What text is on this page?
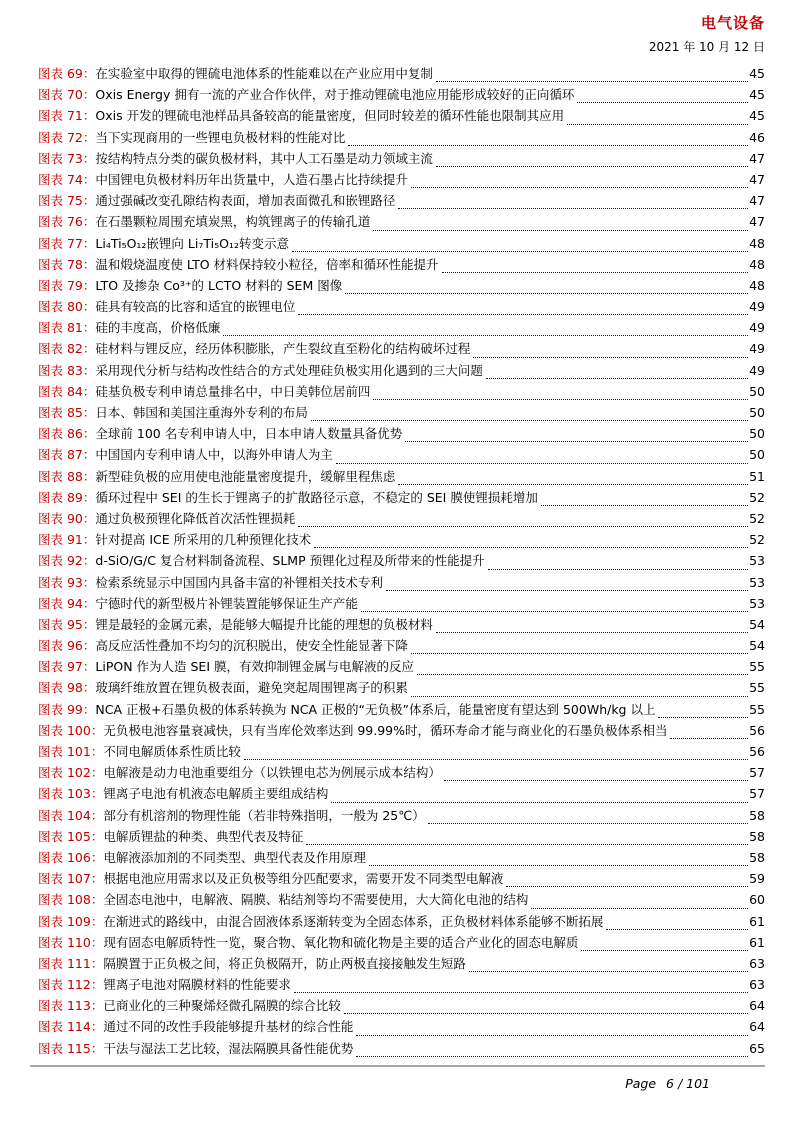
电气设备
2021 年 10 月 12 日
图表 69： 在实验室中取得的锂硫电池体系的性能难以在产业应用中复制	45
图表 70： Oxis Energy 拥有一流的产业合作伙伴，对于推动锂硫电池应用能形成较好的正向循环	45
图表 71： Oxis 开发的锂硫电池样品具备较高的能量密度，但同时较差的循环性能也限制其应用	45
图表 72： 当下实现商用的一些锂电负极材料的性能对比	46
图表 73： 按结构特点分类的碳负极材料，其中人工石墨是动力领域主流	47
图表 74： 中国锂电负极材料历年出货量中，人造石墨占比持续提升	47
图表 75： 通过强碱改变孔隙结构表面，增加表面微孔和嵌锂路径	47
图表 76： 在石墨颗粒周围充填炭黑，构筑锂离子的传输孔道	47
图表 77： Li₄Ti₅O₁₂嵌锂向 Li₇Ti₅O₁₂转变示意	48
图表 78： 温和煅烧温度使 LTO 材料保持较小粒径，倍率和循环性能提升	48
图表 79： LTO 及掺杂 Co³⁺的 LCTO 材料的 SEM 图像	48
图表 80： 硅具有较高的比容和适宜的嵌锂电位	49
图表 81： 硅的丰度高，价格低廉	49
图表 82： 硅材料与锂反应，经历体积膨胀，产生裂纹直至粉化的结构破坏过程	49
图表 83： 采用现代分析与结构改性结合的方式处理硅负极实用化遇到的三大问题	49
图表 84： 硅基负极专利申请总量排名中，中日美韩位居前四	50
图表 85： 日本、韩国和美国注重海外专利的布局	50
图表 86： 全球前 100 名专利申请人中，日本申请人数量具备优势	50
图表 87： 中国国内专利申请人中，以海外申请人为主	50
图表 88： 新型硅负极的应用使电池能量密度提升，缓解里程焦虑	51
图表 89： 循环过程中 SEI 的生长于锂离子的扩散路径示意，不稳定的 SEI 膜使锂损耗增加	52
图表 90： 通过负极预锂化降低首次活性锂损耗	52
图表 91： 针对提高 ICE 所采用的几种预锂化技术	52
图表 92： d-SiO/G/C 复合材料制备流程、SLMP 预锂化过程及所带来的性能提升	53
图表 93： 检索系统显示中国国内具备丰富的补锂相关技术专利	53
图表 94： 宁德时代的新型极片补锂装置能够保证生产产能	53
图表 95： 锂是最轻的金属元素，是能够大幅提升比能的理想的负极材料	54
图表 96： 高反应活性叠加不均匀的沉积脱出，使安全性能显著下降	54
图表 97： LiPON 作为人造 SEI 膜，有效抑制锂金属与电解液的反应	55
图表 98： 玻璃纤维放置在锂负极表面，避免突起周围锂离子的积累	55
图表 99： NCA 正极+石墨负极的体系转换为 NCA 正极的“无负极”体系后，能量密度有望达到 500Wh/kg 以上	55
图表 100： 无负极电池容量衰减快，只有当库伦效率达到 99.99%时，循环寿命才能与商业化的石墨负极体系相当	56
图表 101： 不同电解质体系性质比较	56
图表 102： 电解液是动力电池重要组分（以铁锂电芯为例展示成本结构）	57
图表 103： 锂离子电池有机液态电解质主要组成结构	57
图表 104： 部分有机溶剂的物理性能（若非特殊指明，一般为 25℃）	58
图表 105： 电解质锂盐的种类、典型代表及特征	58
图表 106： 电解液添加剂的不同类型、典型代表及作用原理	58
图表 107： 根据电池应用需求以及正负极等组分匹配要求，需要开发不同类型电解液	59
图表 108： 全固态电池中，电解液、隔膜、粘结剂等均不需要使用，大大简化电池的结构	60
图表 109： 在渐进式的路线中，由混合固液体系逐渐转变为全固态体系，正负极材料体系能够不断拓展	61
图表 110： 现有固态电解质特性一览，聚合物、氧化物和硫化物是主要的适合产业化的固态电解质	61
图表 111： 隔膜置于正负极之间，将正负极隔开，防止两极直接接触发生短路	63
图表 112： 锂离子电池对隔膜材料的性能要求	63
图表 113： 已商业化的三种聚烯烃微孔隔膜的综合比较	64
图表 114： 通过不同的改性手段能够提升基材的综合性能	64
图表 115： 干法与湿法工艺比较，湿法隔膜具备性能优势	65
Page 6 / 101
